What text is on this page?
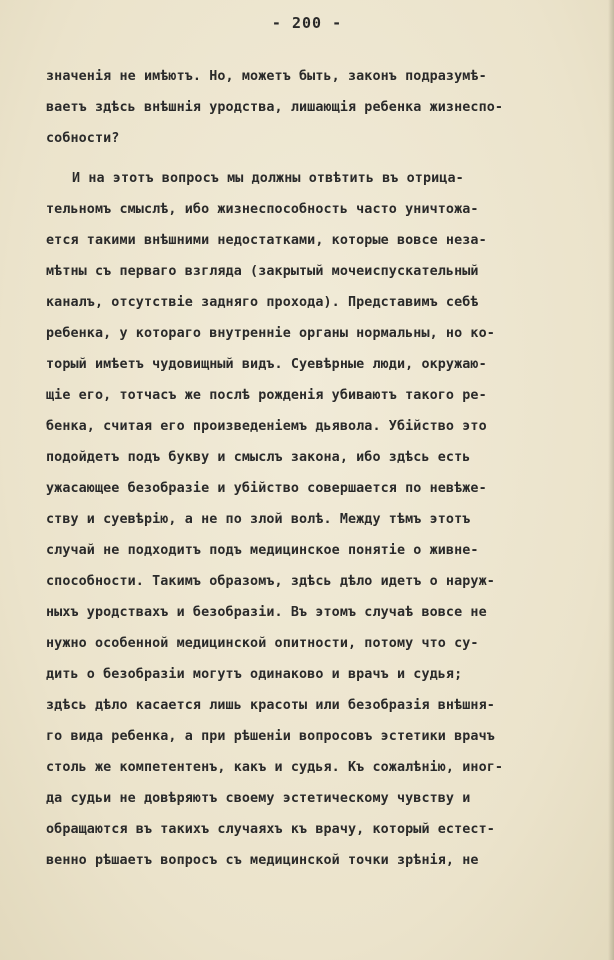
- 200 -
значенія не имѣютъ. Но, можетъ быть, законъ подразумѣ-
ваетъ здѣсь внѣшнія уродства, лишающія ребенка жизнеспо-
собности?
И на этотъ вопросъ мы должны отвѣтить въ отрица-
тельномъ смыслѣ, ибо жизнеспособность часто уничтожа-
ется такими внѣшними недостатками, которые вовсе неза-
мѣтны съ перваго взгляда (закрытый мочеиспускательный
каналъ, отсутствіе задняго прохода). Представимъ себѣ
ребенка, у котораго внутренніе органы нормальны, но ко-
торый имѣетъ чудовищный видъ. Суевѣрные люди, окружаю-
щіе его, тотчасъ же послѣ рожденія убиваютъ такого ре-
бенка, считая его произведеніемъ дьявола. Убійство это
подойдетъ подъ букву и смыслъ закона, ибо здѣсь есть
ужасающее безобразіе и убійство совершается по невѣже-
ству и суевѣрію, а не по злой волѣ. Между тѣмъ этотъ
случай не подходитъ подъ медицинское понятіе о живне-
способности. Такимъ образомъ, здѣсь дѣло идетъ о наруж-
ныхъ уродствахъ и безобразіи. Въ этомъ случаѣ вовсе не
нужно особенной медицинской опитности, потому что су-
дить о безобразіи могутъ одинаково и врачъ и судья;
здѣсь дѣло касается лишь красоты или безобразія внѣшня-
го вида ребенка, а при рѣшеніи вопросовъ эстетики врачъ
столь же компетентенъ, какъ и судья. Къ сожалѣнію, иног-
да судьи не довѣряютъ своему эстетическому чувству и
обращаются въ такихъ случаяхъ къ врачу, который естест-
венно рѣшаетъ вопросъ съ медицинской точки зрѣнія, не
